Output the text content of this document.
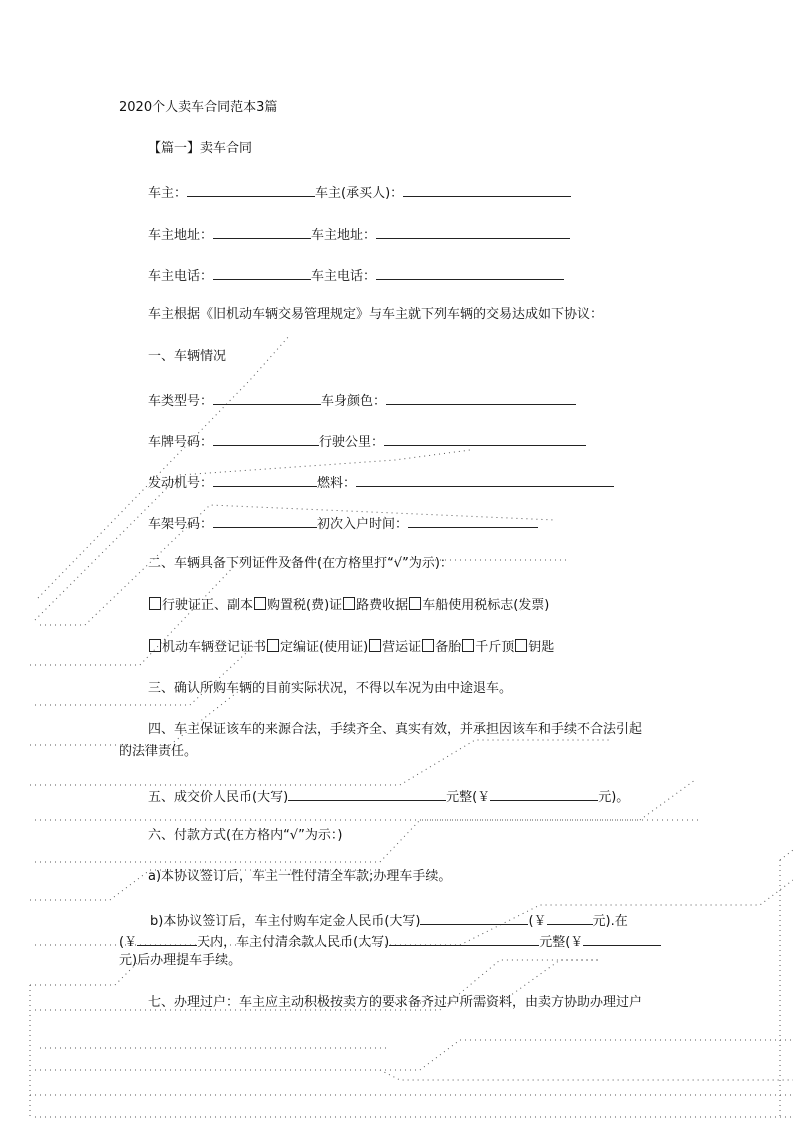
2020个人卖车合同范本3篇
【篇一】卖车合同
车主：	车主(承买人)：
车主地址：	车主地址：
车主电话：	车主电话：
车主根据《旧机动车辆交易管理规定》与车主就下列车辆的交易达成如下协议：
一、车辆情况
车类型号：	车身颜色：
车牌号码：	行驶公里：
发动机号：	燃料：
车架号码：	初次入户时间：
二、车辆具备下列证件及备件(在方格里打“√”为示)：
行驶证正、副本 购置税(费)证 路费收据 车船使用税标志(发票)
机动车辆登记证书 定编证(使用证) 营运证 备胎 千斤顶 钥匙
三、确认所购车辆的目前实际状况，不得以车况为由中途退车。
四、车主保证该车的来源合法，手续齐全、真实有效，并承担因该车和手续不合法引起
的法律责任。
五、成交价人民币(大写)	元整(￥	元)。
六、付款方式(在方格内“√”为示：)
a)本协议签订后，车主一性付清全车款;办理车手续。
b)本协议签订后，车主付购车定金人民币(大写)	(￥	元).在
(￥	天内，车主付清余款人民币(大写)	元整(￥
元)后办理提车手续。
七、办理过户：车主应主动积极按卖方的要求备齐过户所需资料，由卖方协助办理过户
